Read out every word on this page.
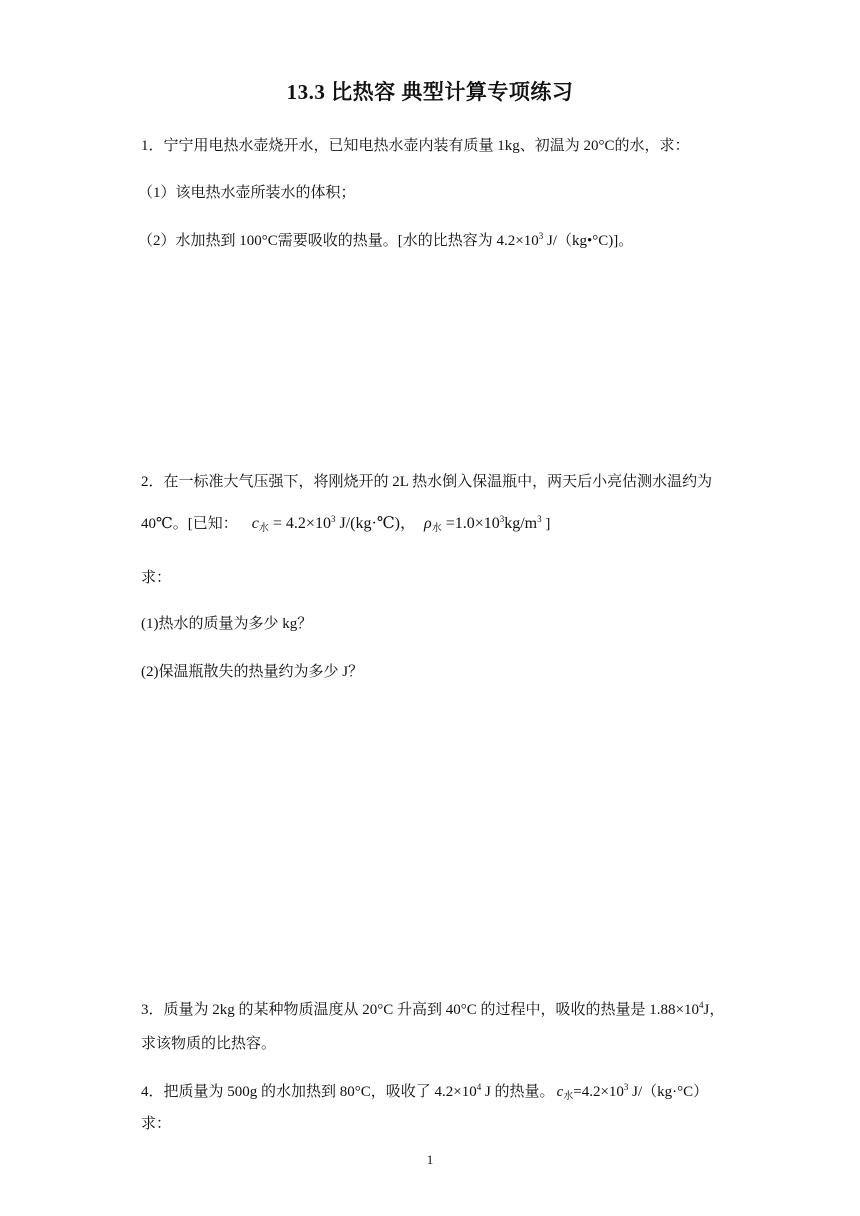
13.3 比热容 典型计算专项练习
1．宁宁用电热水壶烧开水，已知电热水壶内装有质量 1kg、初温为 20°C的水，求：
（1）该电热水壶所装水的体积；
（2）水加热到 100°C需要吸收的热量。[水的比热容为 $4.2\times 10^3$ J/（kg•°C)]。
2．在一标准大气压强下，将刚烧开的 2L 热水倒入保温瓶中，两天后小亮估测水温约为
40℃。[已知： $c_水 = 4.2\times 10^3$ J/(kg·℃)， $\rho_水 =1.0\times 10^3kg/m^3$ ]
求：
(1)热水的质量为多少 kg？
(2)保温瓶散失的热量约为多少 J？
3．质量为 2kg 的某种物质温度从 20°C 升高到 40°C 的过程中，吸收的热量是 $1.88\times 10^4J$，
求该物质的比热容。
4．把质量为 500g 的水加热到 80°C，吸收了 $4.2\times 10^4$ J 的热量。 $c_水=4.2\times 10^3$ J/（kg·°C）
求：
1
